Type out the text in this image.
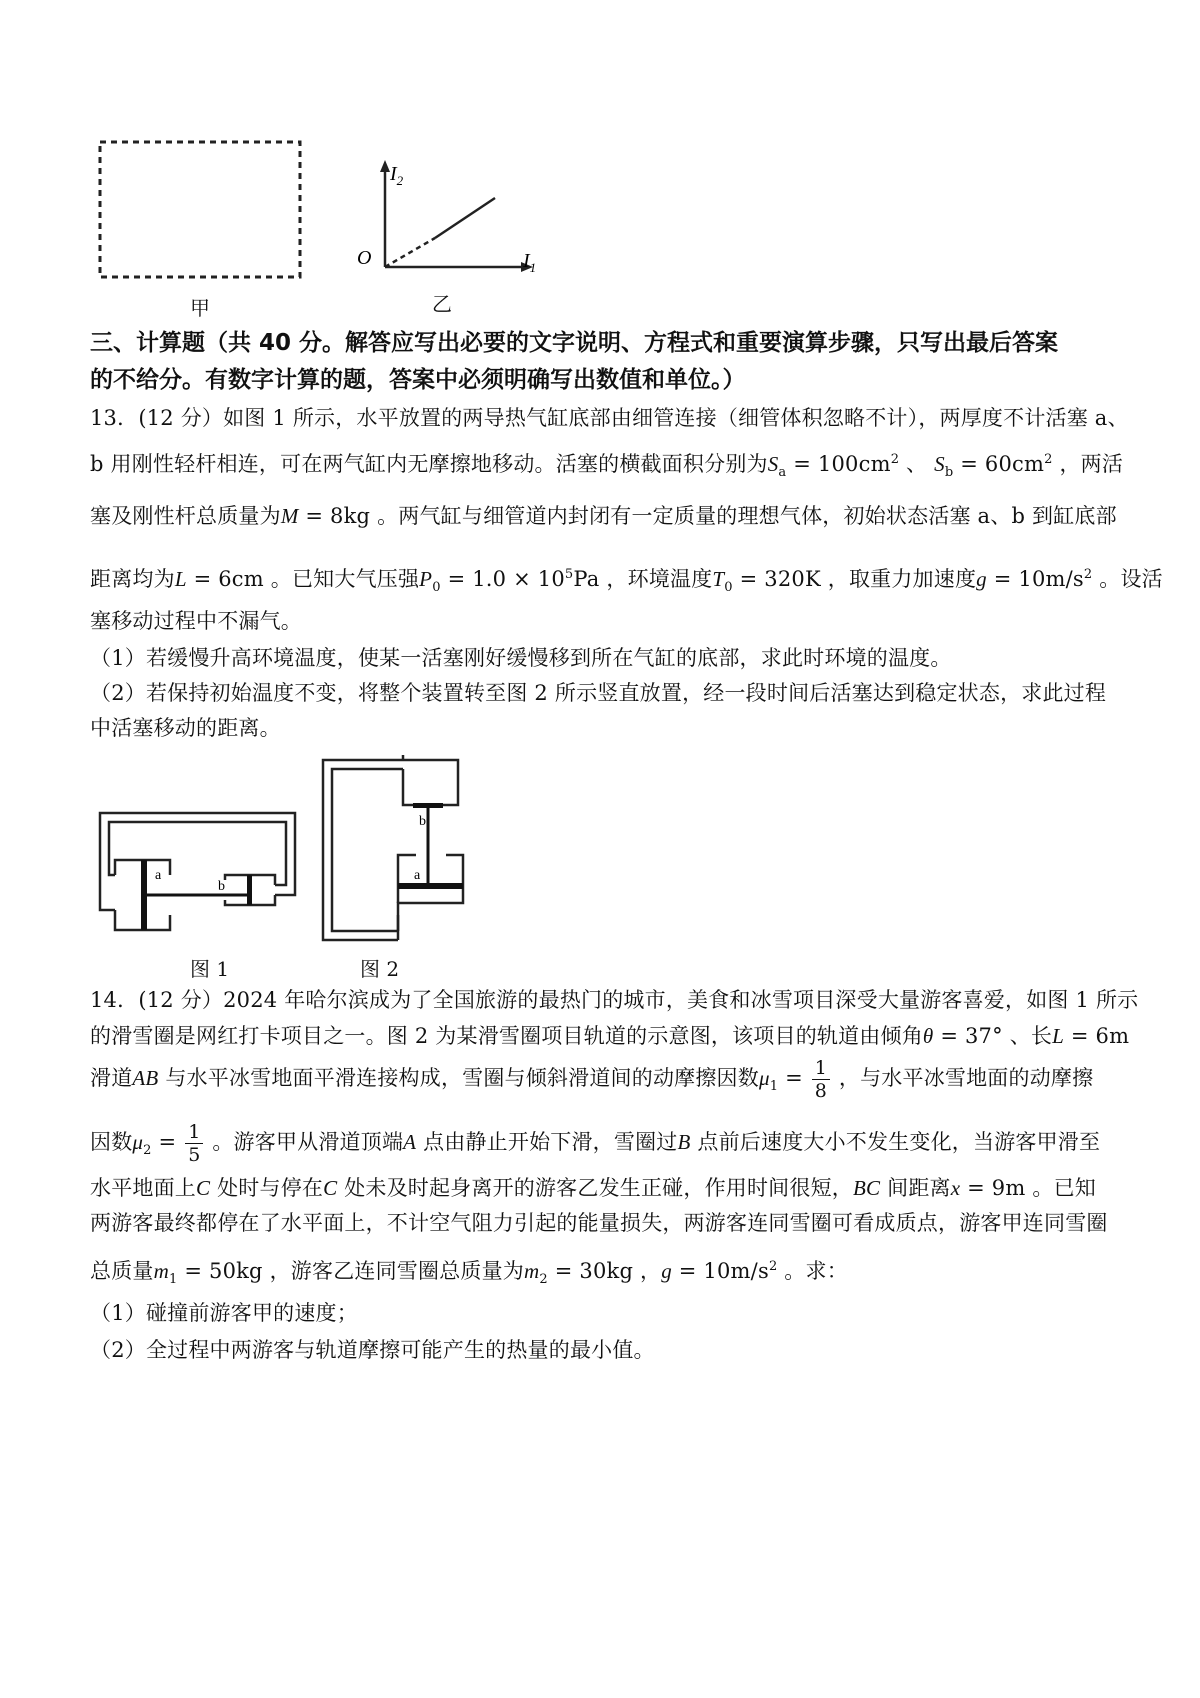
甲
$I_2$
O	$I_1$
乙
三、计算题（共 40 分。解答应写出必要的文字说明、方程式和重要演算步骤，只写出最后答案
的不给分。有数字计算的题，答案中必须明确写出数值和单位。）
13．(12 分）如图 1 所示，水平放置的两导热气缸底部由细管连接（细管体积忽略不计），两厚度不计活塞 a、
b 用刚性轻杆相连，可在两气缸内无摩擦地移动。活塞的横截面积分别为$S_a = 100cm^2$ 、 $S_b = 60cm^2$ ，两活
塞及刚性杆总质量为M = 8kg 。两气缸与细管道内封闭有一定质量的理想气体，初始状态活塞 a、b 到缸底部
距离均为L = 6cm 。已知大气压强$P_0 = 1.0 \times 10^5Pa$ ，环境温度$T_0 = 320K$ ，取重力加速度$g = 10m/s^2$ 。设活
塞移动过程中不漏气。
（1）若缓慢升高环境温度，使某一活塞刚好缓慢移到所在气缸的底部，求此时环境的温度。
（2）若保持初始温度不变，将整个装置转至图 2 所示竖直放置，经一段时间后活塞达到稳定状态，求此过程
中活塞移动的距离。
a
b
图 1
b
a
图 2
14．(12 分）2024 年哈尔滨成为了全国旅游的最热门的城市，美食和冰雪项目深受大量游客喜爱，如图 1 所示
的滑雪圈是网红打卡项目之一。图 2 为某滑雪圈项目轨道的示意图，该项目的轨道由倾角θ = 37° 、长L = 6m
滑道AB 与水平冰雪地面平滑连接构成，雪圈与倾斜滑道间的动摩擦因数$\mu_1 = \frac{1}{8}$ ，与水平冰雪地面的动摩擦
因数$\mu_2 = \frac{1}{5}$ 。游客甲从滑道顶端A 点由静止开始下滑，雪圈过B 点前后速度大小不发生变化，当游客甲滑至
水平地面上C 处时与停在C 处未及时起身离开的游客乙发生正碰，作用时间很短，BC 间距离x = 9m 。已知
两游客最终都停在了水平面上，不计空气阻力引起的能量损失，两游客连同雪圈可看成质点，游客甲连同雪圈
总质量$m_1 = 50kg$ ，游客乙连同雪圈总质量为$m_2 = 30kg$ ，$g = 10m/s^2$ 。求：
（1）碰撞前游客甲的速度；
（2）全过程中两游客与轨道摩擦可能产生的热量的最小值。
